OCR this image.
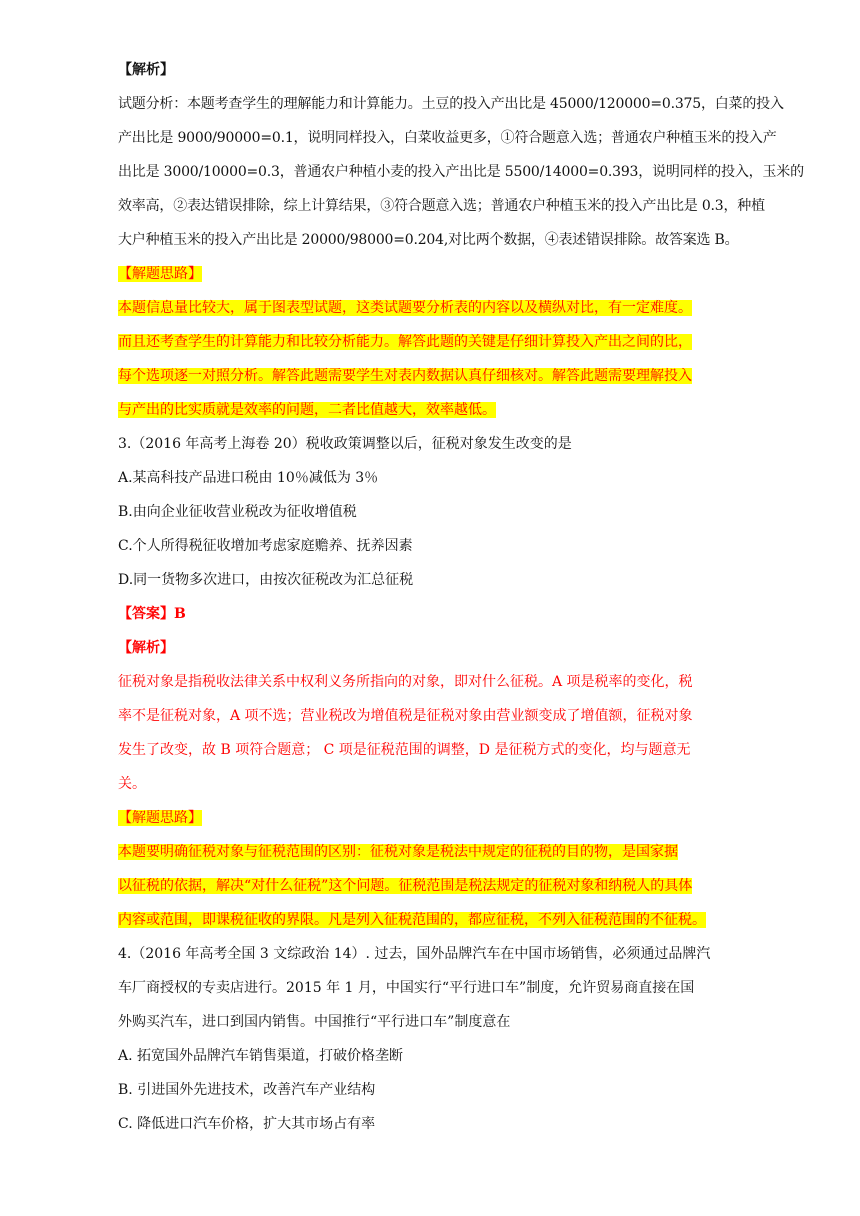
【解析】
试题分析：本题考查学生的理解能力和计算能力。土豆的投入产出比是 45000/120000=0.375，白菜的投入
产出比是 9000/90000=0.1，说明同样投入，白菜收益更多，①符合题意入选；普通农户种植玉米的投入产
出比是 3000/10000=0.3，普通农户种植小麦的投入产出比是 5500/14000=0.393，说明同样的投入，玉米的
效率高，②表达错误排除，综上计算结果，③符合题意入选；普通农户种植玉米的投入产出比是 0.3，种植
大户种植玉米的投入产出比是 20000/98000=0.204,对比两个数据，④表述错误排除。故答案选 B。
【解题思路】
本题信息量比较大，属于图表型试题，这类试题要分析表的内容以及横纵对比，有一定难度。
而且还考查学生的计算能力和比较分析能力。解答此题的关键是仔细计算投入产出之间的比，
每个选项逐一对照分析。解答此题需要学生对表内数据认真仔细核对。解答此题需要理解投入
与产出的比实质就是效率的问题，二者比值越大，效率越低。
3.（2016 年高考上海卷 20）税收政策调整以后，征税对象发生改变的是
A.某高科技产品进口税由 10％减低为 3％
B.由向企业征收营业税改为征收增值税
C.个人所得税征收增加考虑家庭赡养、抚养因素
D.同一货物多次进口，由按次征税改为汇总征税
【答案】B
【解析】
征税对象是指税收法律关系中权利义务所指向的对象，即对什么征税。A 项是税率的变化，税
率不是征税对象，A 项不选；营业税改为增值税是征税对象由营业额变成了增值额，征税对象
发生了改变，故 B 项符合题意； C 项是征税范围的调整，D 是征税方式的变化，均与题意无
关。
【解题思路】
本题要明确征税对象与征税范围的区别：征税对象是税法中规定的征税的目的物，是国家据
以征税的依据，解决“对什么征税”这个问题。征税范围是税法规定的征税对象和纳税人的具体
内容或范围，即课税征收的界限。凡是列入征税范围的，都应征税，不列入征税范围的不征税。
4.（2016 年高考全国 3 文综政治 14）. 过去，国外品牌汽车在中国市场销售，必须通过品牌汽
车厂商授权的专卖店进行。2015 年 1 月，中国实行“平行进口车”制度，允许贸易商直接在国
外购买汽车，进口到国内销售。中国推行“平行进口车”制度意在
A. 拓宽国外品牌汽车销售渠道，打破价格垄断
B. 引进国外先进技术，改善汽车产业结构
C. 降低进口汽车价格，扩大其市场占有率
